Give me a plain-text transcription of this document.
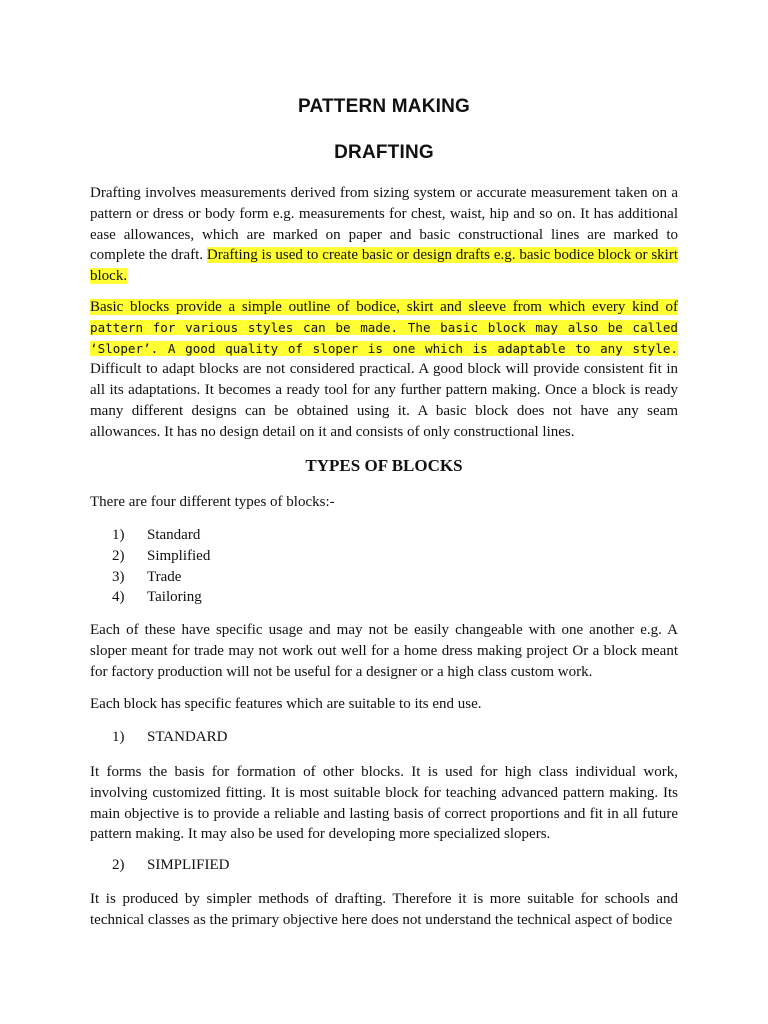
PATTERN MAKING
DRAFTING

Drafting involves measurements derived from sizing system or accurate measurement taken on a pattern or dress or body form e.g. measurements for chest, waist, hip and so on. It has additional ease allowances, which are marked on paper and basic constructional lines are marked to complete the draft. Drafting is used to create basic or design drafts e.g. basic bodice block or skirt block.

Basic blocks provide a simple outline of bodice, skirt and sleeve from which every kind of pattern for various styles can be made. The basic block may also be called ‘Sloper’. A good quality of sloper is one which is adaptable to any style. Difficult to adapt blocks are not considered practical. A good block will provide consistent fit in all its adaptations. It becomes a ready tool for any further pattern making. Once a block is ready many different designs can be obtained using it. A basic block does not have any seam allowances. It has no design detail on it and consists of only constructional lines.

TYPES OF BLOCKS

There are four different types of blocks:-

1)	Standard
2)	Simplified
3)	Trade
4)	Tailoring

Each of these have specific usage and may not be easily changeable with one another e.g. A sloper meant for trade may not work out well for a home dress making project Or a block meant for factory production will not be useful for a designer or a high class custom work.

Each block has specific features which are suitable to its end use.

1)	STANDARD

It forms the basis for formation of other blocks. It is used for high class individual work, involving customized fitting. It is most suitable block for teaching advanced pattern making. Its main objective is to provide a reliable and lasting basis of correct proportions and fit in all future pattern making. It may also be used for developing more specialized slopers.

2)	SIMPLIFIED

It is produced by simpler methods of drafting. Therefore it is more suitable for schools and technical classes as the primary objective here does not understand the technical aspect of bodice
